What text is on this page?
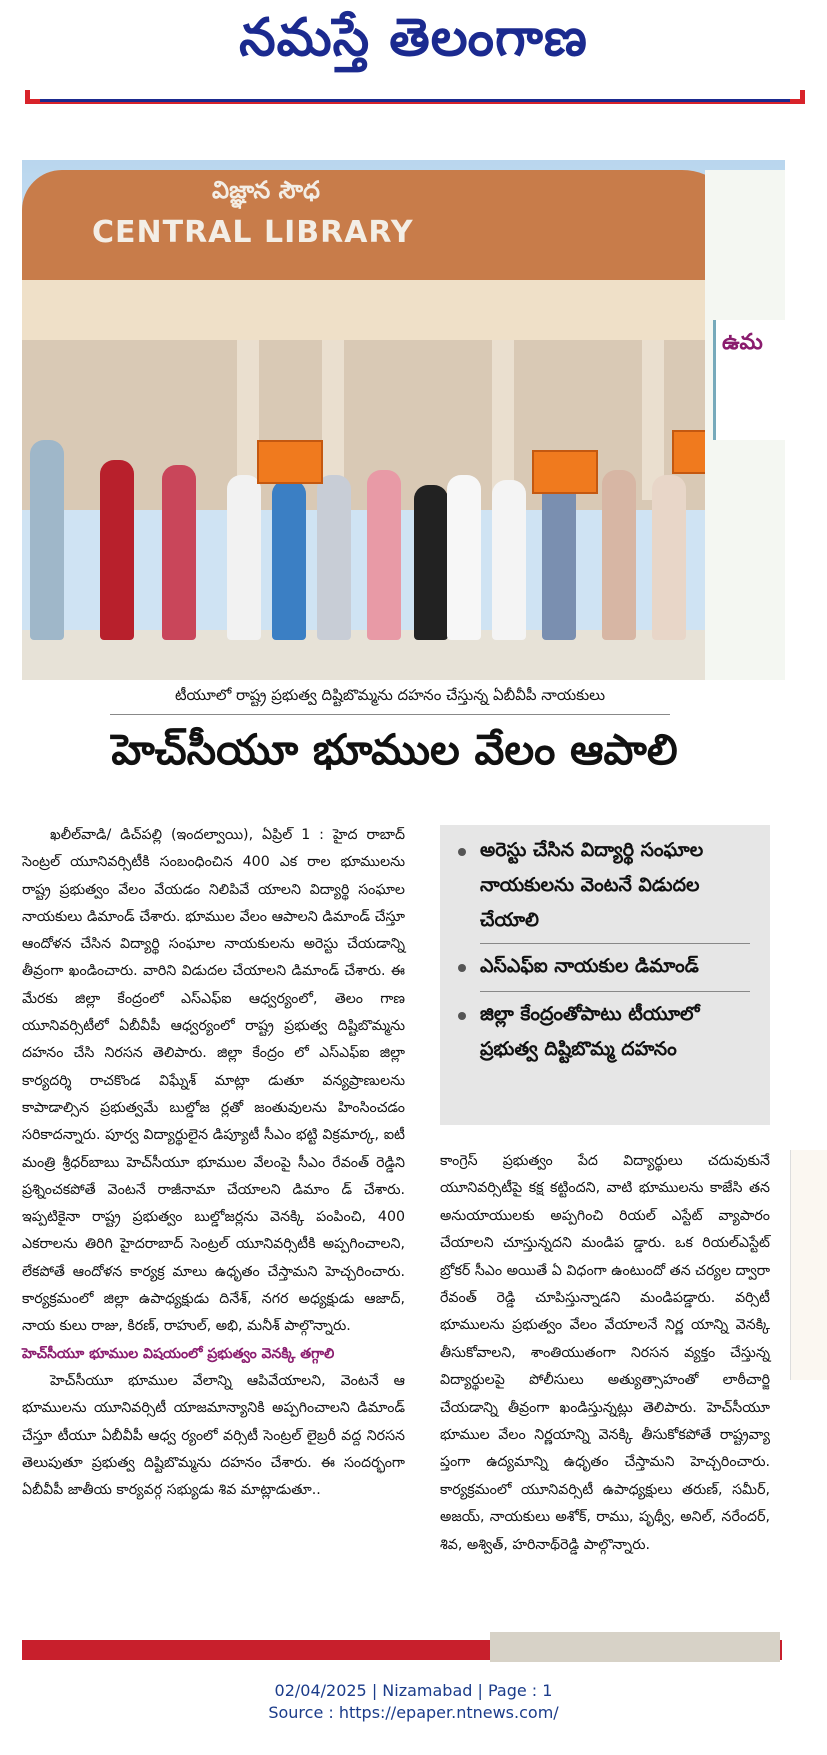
నమస్తే తెలంగాణ
విజ్ఞాన సౌధ
CENTRAL LIBRARY
ఉమ
టీయూలో రాష్ట్ర ప్రభుత్వ దిష్టిబొమ్మను దహనం చేస్తున్న ఏబీవీపీ నాయకులు
హెచ్‌సీయూ భూముల వేలం ఆపాలి

ఖలీల్‌వాడి/ డిచ్‌పల్లి (ఇందల్వాయి), ఏప్రిల్ 1 : హైద రాబాద్ సెంట్రల్ యూనివర్సిటీకి సంబంధించిన 400 ఎక రాల భూములను రాష్ట్ర ప్రభుత్వం వేలం వేయడం నిలిపివే యాలని విద్యార్థి సంఘాల నాయకులు డిమాండ్ చేశారు. భూముల వేలం ఆపాలని డిమాండ్ చేస్తూ ఆందోళన చేసిన విద్యార్థి సంఘాల నాయకులను అరెస్టు చేయడాన్ని తీవ్రంగా ఖండించారు. వారిని విడుదల చేయాలని డిమాండ్ చేశారు. ఈ మేరకు జిల్లా కేంద్రంలో ఎస్‌ఎఫ్‌ఐ ఆధ్వర్యంలో, తెలం గాణ యూనివర్సిటీలో ఏబీవీపీ ఆధ్వర్యంలో రాష్ట్ర ప్రభుత్వ దిష్టిబొమ్మను దహనం చేసి నిరసన తెలిపారు. జిల్లా కేంద్రం లో ఎస్‌ఎఫ్‌ఐ జిల్లా కార్యదర్శి రాచకొండ విఘ్నేశ్ మాట్లా డుతూ వన్యప్రాణులను కాపాడాల్సిన ప్రభుత్వమే బుల్డోజ ర్లతో జంతువులను హింసించడం సరికాదన్నారు. పూర్వ విద్యార్థులైన డిప్యూటీ సీఎం భట్టి విక్రమార్క, ఐటీ మంత్రి శ్రీధర్‌బాబు హెచ్‌సీయూ భూముల వేలంపై సీఎం రేవంత్ రెడ్డిని ప్రశ్నించకపోతే వెంటనే రాజీనామా చేయాలని డిమాం డ్ చేశారు. ఇప్పటికైనా రాష్ట్ర ప్రభుత్వం బుల్డోజర్లను వెనక్కి పంపించి, 400 ఎకరాలను తిరిగి హైదరాబాద్ సెంట్రల్ యూనివర్సిటీకి అప్పగించాలని, లేకపోతే ఆందోళన కార్యక్ర మాలు ఉధృతం చేస్తామని హెచ్చరించారు. కార్యక్రమంలో జిల్లా ఉపాధ్యక్షుడు దినేశ్, నగర అధ్యక్షుడు ఆజాద్, నాయ కులు రాజు, కిరణ్, రాహుల్, అభి, మనీశ్ పాల్గొన్నారు.

హెచ్‌సీయూ భూముల విషయంలో ప్రభుత్వం వెనక్కి తగ్గాలి

హెచ్‌సీయూ భూముల వేలాన్ని ఆపివేయాలని, వెంటనే ఆ భూములను యూనివర్సిటీ యాజమాన్యానికి అప్పగించాలని డిమాండ్ చేస్తూ టీయూ ఏబీవీపీ ఆధ్వ ర్యంలో వర్సిటీ సెంట్రల్ లైబ్రరీ వద్ద నిరసన తెలుపుతూ ప్రభుత్వ దిష్టిబొమ్మను దహనం చేశారు. ఈ సందర్భంగా ఏబీవీపీ జాతీయ కార్యవర్గ సభ్యుడు శివ మాట్లాడుతూ..

అరెస్టు చేసిన విద్యార్థి సంఘాల నాయకులను వెంటనే విడుదల చేయాలి
ఎస్‌ఎఫ్‌ఐ నాయకుల డిమాండ్
జిల్లా కేంద్రంతోపాటు టీయూలో ప్రభుత్వ దిష్టిబొమ్మ దహనం

కాంగ్రెస్ ప్రభుత్వం పేద విద్యార్థులు చదువుకునే యూనివర్సిటీపై కక్ష కట్టిందని, వాటి భూములను కాజేసి తన అనుయాయులకు అప్పగించి రియల్ ఎస్టేట్ వ్యాపారం చేయాలని చూస్తున్నదని మండిప డ్డారు. ఒక రియల్‌ఎస్టేట్ బ్రోకర్ సీఎం అయితే ఏ విధంగా ఉంటుందో తన చర్యల ద్వారా రేవంత్ రెడ్డి చూపిస్తున్నాడని మండిపడ్డారు. వర్సిటీ భూములను ప్రభుత్వం వేలం వేయాలనే నిర్ణ యాన్ని వెనక్కి తీసుకోవాలని, శాంతియుతంగా నిరసన వ్యక్తం చేస్తున్న విద్యార్థులపై పోలీసులు అత్యుత్సాహంతో లాఠీచార్జి చేయడాన్ని తీవ్రంగా ఖండిస్తున్నట్లు తెలిపారు. హెచ్‌సీయూ భూముల వేలం నిర్ణయాన్ని వెనక్కి తీసుకోకపోతే రాష్ట్రవ్యా ప్తంగా ఉద్యమాన్ని ఉధృతం చేస్తామని హెచ్చరించారు. కార్యక్రమంలో యూనివర్సిటీ ఉపాధ్యక్షులు తరుణ్, సమీర్, అజయ్, నాయకులు అశోక్, రాము, పృథ్వీ, అనిల్, నరేందర్, శివ, అశ్విత్, హరినాథ్‌రెడ్డి పాల్గొన్నారు.

02/04/2025 | Nizamabad | Page : 1
Source : https://epaper.ntnews.com/
